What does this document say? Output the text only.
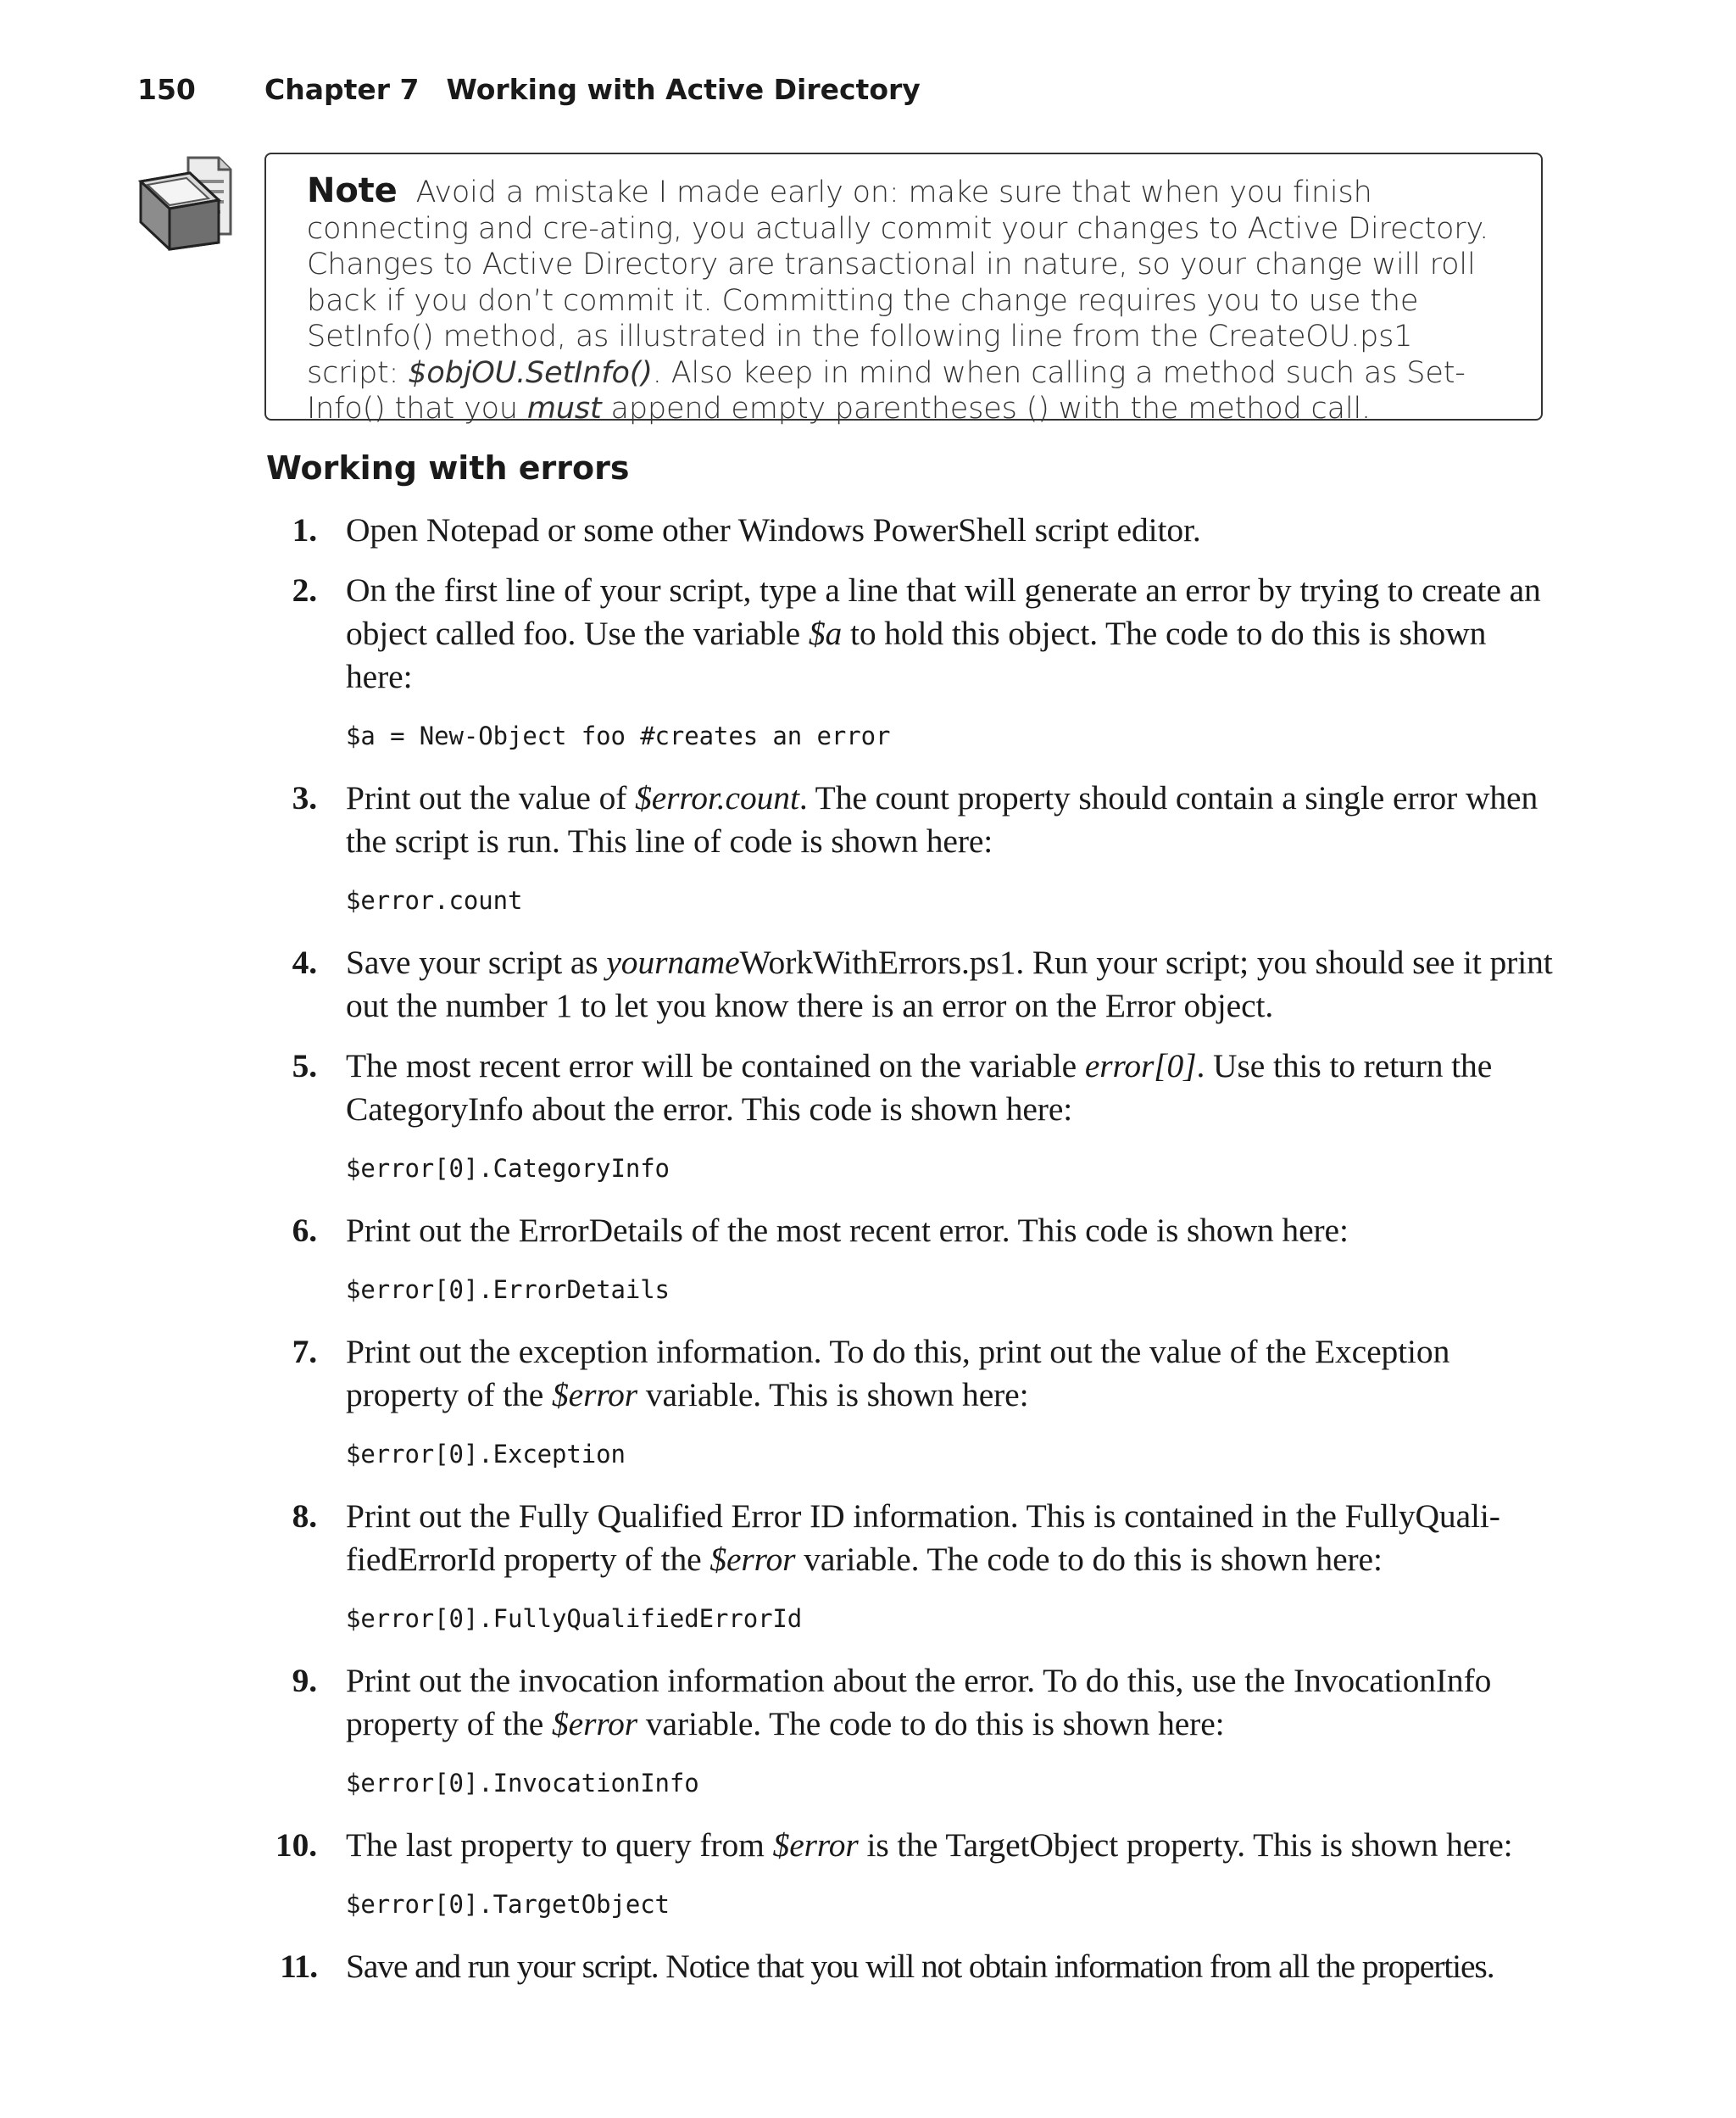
150	Chapter 7 Working with Active Directory
Note Avoid a mistake I made early on: make sure that when you finish connecting and cre-ating, you actually commit your changes to Active Directory. Changes to Active Directory are transactional in nature, so your change will roll back if you don’t commit it. Committing the change requires you to use the SetInfo() method, as illustrated in the following line from the CreateOU.ps1 script: $objOU.SetInfo(). Also keep in mind when calling a method such as Set-Info() that you must append empty parentheses () with the method call.
Working with errors
1. Open Notepad or some other Windows PowerShell script editor.
2. On the first line of your script, type a line that will generate an error by trying to create an object called foo. Use the variable $a to hold this object. The code to do this is shown here:
$a = New-Object foo #creates an error
3. Print out the value of $error.count. The count property should contain a single error when the script is run. This line of code is shown here:
$error.count
4. Save your script as yournameWorkWithErrors.ps1. Run your script; you should see it print out the number 1 to let you know there is an error on the Error object.
5. The most recent error will be contained on the variable error[0]. Use this to return the CategoryInfo about the error. This code is shown here:
$error[0].CategoryInfo
6. Print out the ErrorDetails of the most recent error. This code is shown here:
$error[0].ErrorDetails
7. Print out the exception information. To do this, print out the value of the Exception property of the $error variable. This is shown here:
$error[0].Exception
8. Print out the Fully Qualified Error ID information. This is contained in the FullyQuali-fiedErrorId property of the $error variable. The code to do this is shown here:
$error[0].FullyQualifiedErrorId
9. Print out the invocation information about the error. To do this, use the InvocationInfo property of the $error variable. The code to do this is shown here:
$error[0].InvocationInfo
10. The last property to query from $error is the TargetObject property. This is shown here:
$error[0].TargetObject
11. Save and run your script. Notice that you will not obtain information from all the properties.
